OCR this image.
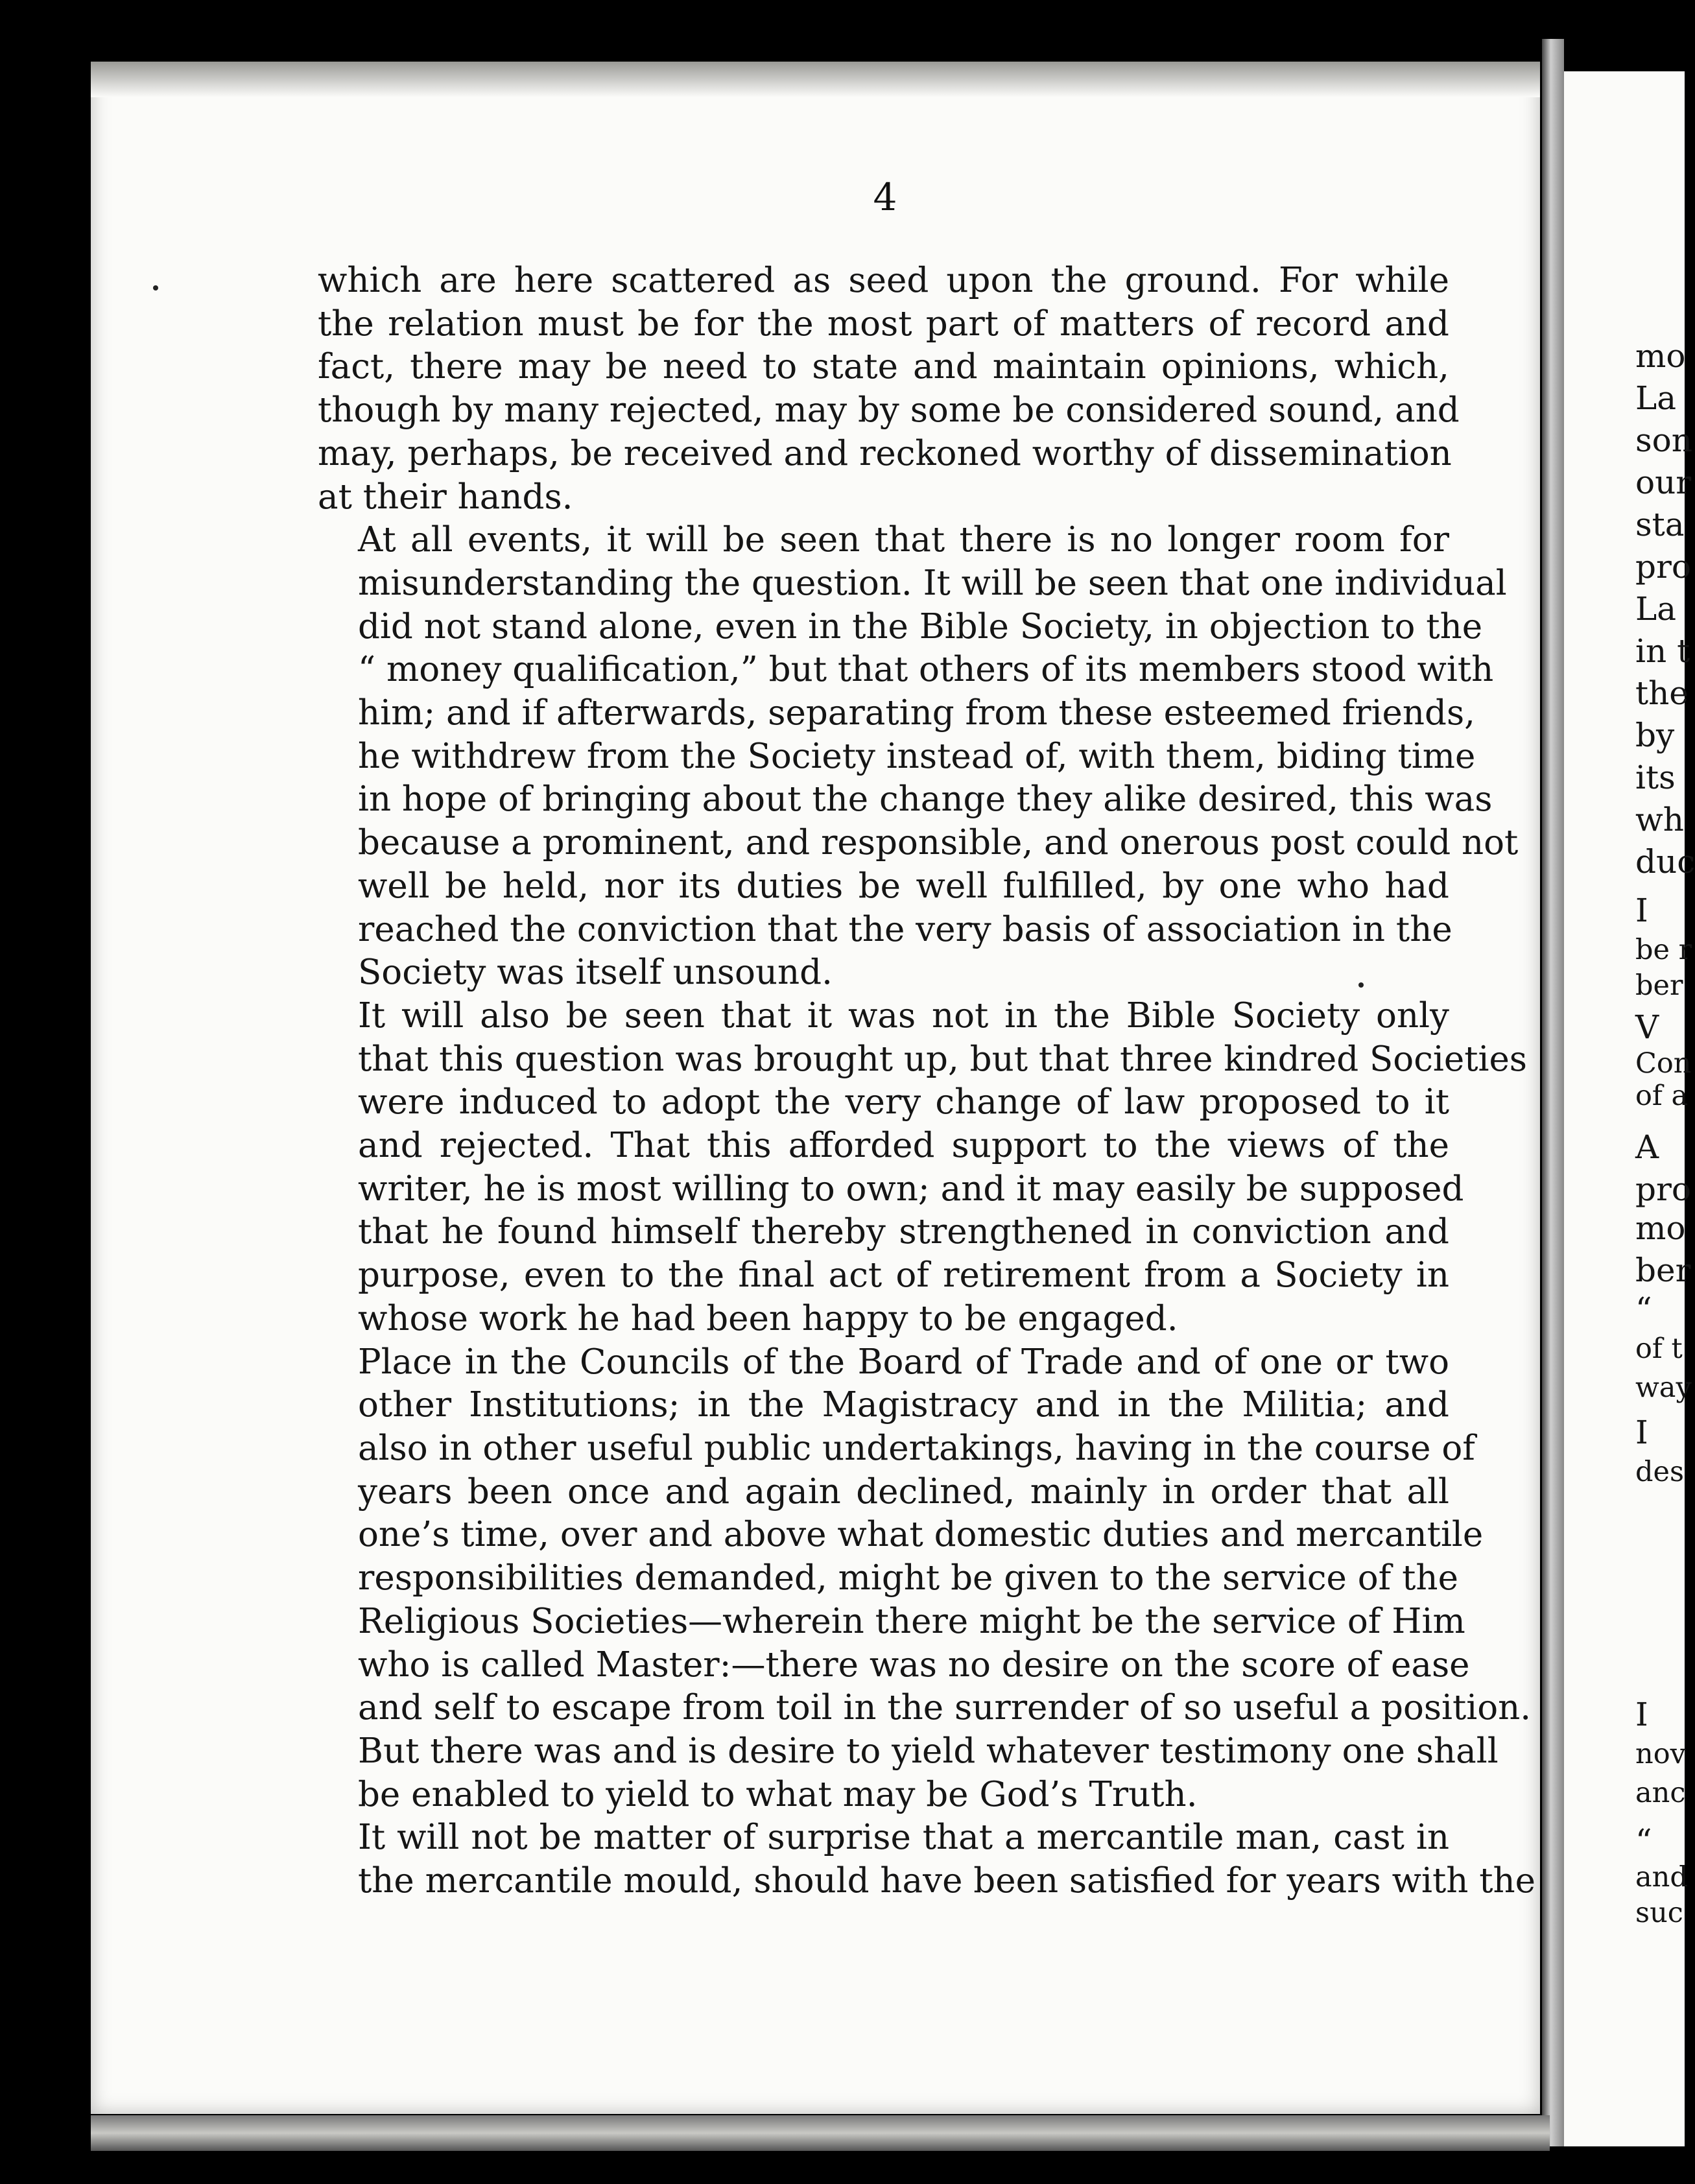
4
which are here scattered as seed upon the ground. For while
the relation must be for the most part of matters of record and
fact, there may be need to state and maintain opinions, which,
though by many rejected, may by some be considered sound, and
may, perhaps, be received and reckoned worthy of dissemination
at their hands.
At all events, it will be seen that there is no longer room for
misunderstanding the question. It will be seen that one individual
did not stand alone, even in the Bible Society, in objection to the
“ money qualification,” but that others of its members stood with
him; and if afterwards, separating from these esteemed friends,
he withdrew from the Society instead of, with them, biding time
in hope of bringing about the change they alike desired, this was
because a prominent, and responsible, and onerous post could not
well be held, nor its duties be well fulfilled, by one who had
reached the conviction that the very basis of association in the
Society was itself unsound.
It will also be seen that it was not in the Bible Society only
that this question was brought up, but that three kindred Societies
were induced to adopt the very change of law proposed to it
and rejected. That this afforded support to the views of the
writer, he is most willing to own; and it may easily be supposed
that he found himself thereby strengthened in conviction and
purpose, even to the final act of retirement from a Society in
whose work he had been happy to be engaged.
Place in the Councils of the Board of Trade and of one or two
other Institutions; in the Magistracy and in the Militia; and
also in other useful public undertakings, having in the course of
years been once and again declined, mainly in order that all
one’s time, over and above what domestic duties and mercantile
responsibilities demanded, might be given to the service of the
Religious Societies—wherein there might be the service of Him
who is called Master:—there was no desire on the score of ease
and self to escape from toil in the surrender of so useful a position.
But there was and is desire to yield whatever testimony one shall
be enabled to yield to what may be God’s Truth.
It will not be matter of surprise that a mercantile man, cast in
the mercantile mould, should have been satisfied for years with the
mo
La
son
our
sta
pro
La
in t
the
by
its
wh
duc
I
be r
ber
V
Con
of a
A
pro
mo
ber
“
of t
way
I
des
I
nov
anc
“
and
suc
